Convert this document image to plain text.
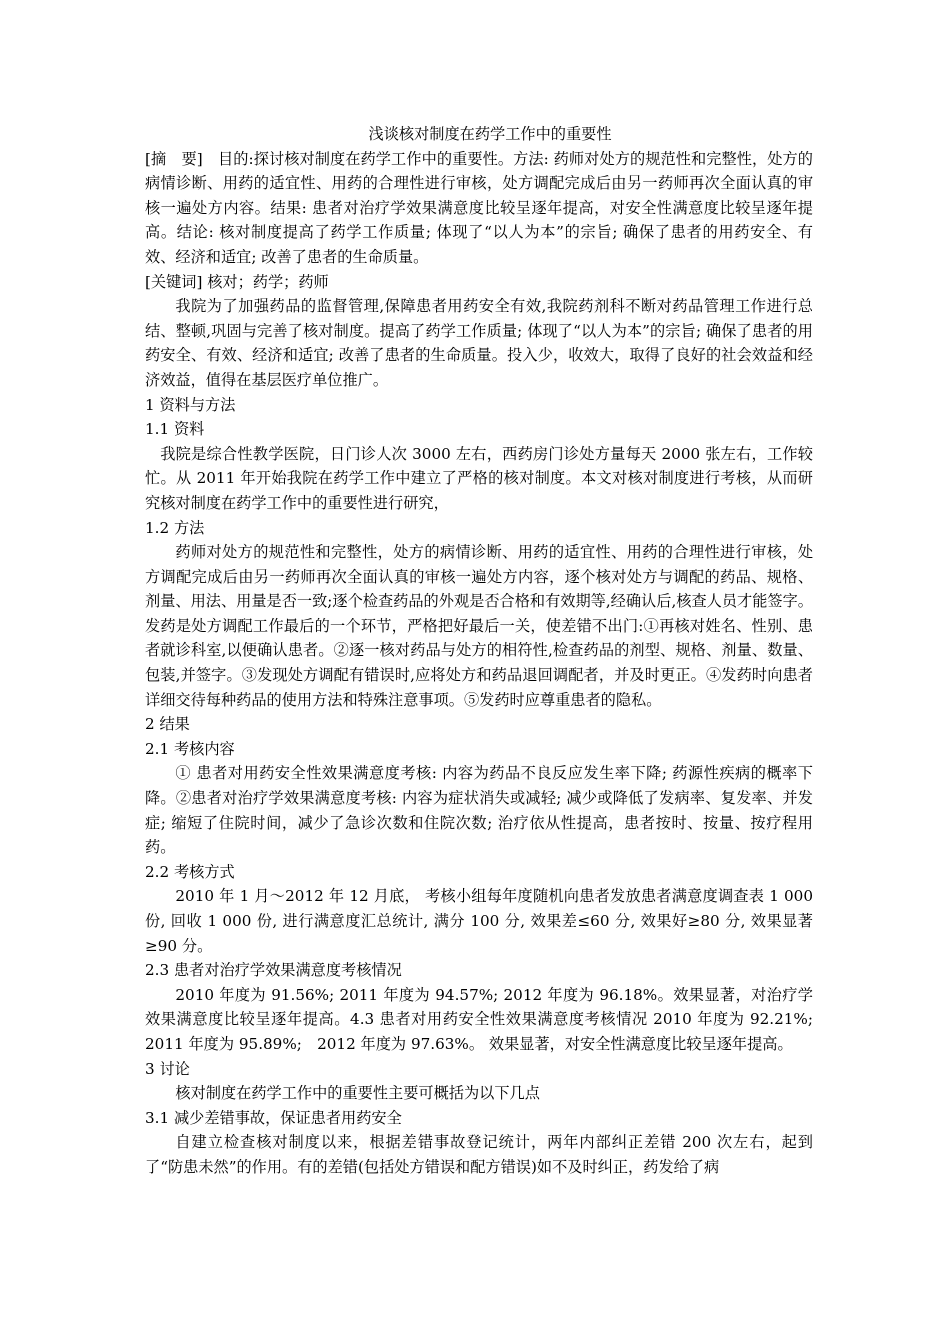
浅谈核对制度在药学工作中的重要性

[摘　要]　目的:探讨核对制度在药学工作中的重要性。方法: 药师对处方的规范性和完整性，处方的病情诊断、用药的适宜性、用药的合理性进行审核，处方调配完成后由另一药师再次全面认真的审核一遍处方内容。结果: 患者对治疗学效果满意度比较呈逐年提高，对安全性满意度比较呈逐年提高。结论: 核对制度提高了药学工作质量; 体现了“以人为本”的宗旨; 确保了患者的用药安全、有效、经济和适宜; 改善了患者的生命质量。

[关键词] 核对；药学；药师

我院为了加强药品的监督管理,保障患者用药安全有效,我院药剂科不断对药品管理工作进行总结、整顿,巩固与完善了核对制度。提高了药学工作质量; 体现了“以人为本”的宗旨; 确保了患者的用药安全、有效、经济和适宜; 改善了患者的生命质量。投入少，收效大，取得了良好的社会效益和经济效益，值得在基层医疗单位推广。

1 资料与方法

1.1 资料

我院是综合性教学医院，日门诊人次 3000 左右，西药房门诊处方量每天 2000 张左右，工作较忙。从 2011 年开始我院在药学工作中建立了严格的核对制度。本文对核对制度进行考核，从而研究核对制度在药学工作中的重要性进行研究，

1.2 方法

药师对处方的规范性和完整性，处方的病情诊断、用药的适宜性、用药的合理性进行审核，处方调配完成后由另一药师再次全面认真的审核一遍处方内容，逐个核对处方与调配的药品、规格、剂量、用法、用量是否一致;逐个检查药品的外观是否合格和有效期等,经确认后,核查人员才能签字。发药是处方调配工作最后的一个环节，严格把好最后一关，使差错不出门:①再核对姓名、性别、患者就诊科室,以便确认患者。②逐一核对药品与处方的相符性,检查药品的剂型、规格、剂量、数量、包装,并签字。③发现处方调配有错误时,应将处方和药品退回调配者，并及时更正。④发药时向患者详细交待每种药品的使用方法和特殊注意事项。⑤发药时应尊重患者的隐私。

2 结果

2.1 考核内容

① 患者对用药安全性效果满意度考核: 内容为药品不良反应发生率下降; 药源性疾病的概率下降。②患者对治疗学效果满意度考核: 内容为症状消失或减轻; 减少或降低了发病率、复发率、并发症; 缩短了住院时间，减少了急诊次数和住院次数; 治疗依从性提高，患者按时、按量、按疗程用药。

2.2 考核方式

2010 年 1 月～2012 年 12 月底， 考核小组每年度随机向患者发放患者满意度调查表 1 000 份, 回收 1 000 份, 进行满意度汇总统计, 满分 100 分, 效果差≤60 分, 效果好≥80 分, 效果显著≥90 分。

2.3 患者对治疗学效果满意度考核情况

2010 年度为 91.56%; 2011 年度为 94.57%; 2012 年度为 96.18%。效果显著，对治疗学效果满意度比较呈逐年提高。4.3 患者对用药安全性效果满意度考核情况 2010 年度为 92.21%; 2011 年度为 95.89%;　2012 年度为 97.63%。 效果显著，对安全性满意度比较呈逐年提高。

3 讨论

核对制度在药学工作中的重要性主要可概括为以下几点

3.1 减少差错事故，保证患者用药安全

自建立检查核对制度以来，根据差错事故登记统计，两年内部纠正差错 200 次左右，起到了“防患未然”的作用。有的差错(包括处方错误和配方错误)如不及时纠正，药发给了病
